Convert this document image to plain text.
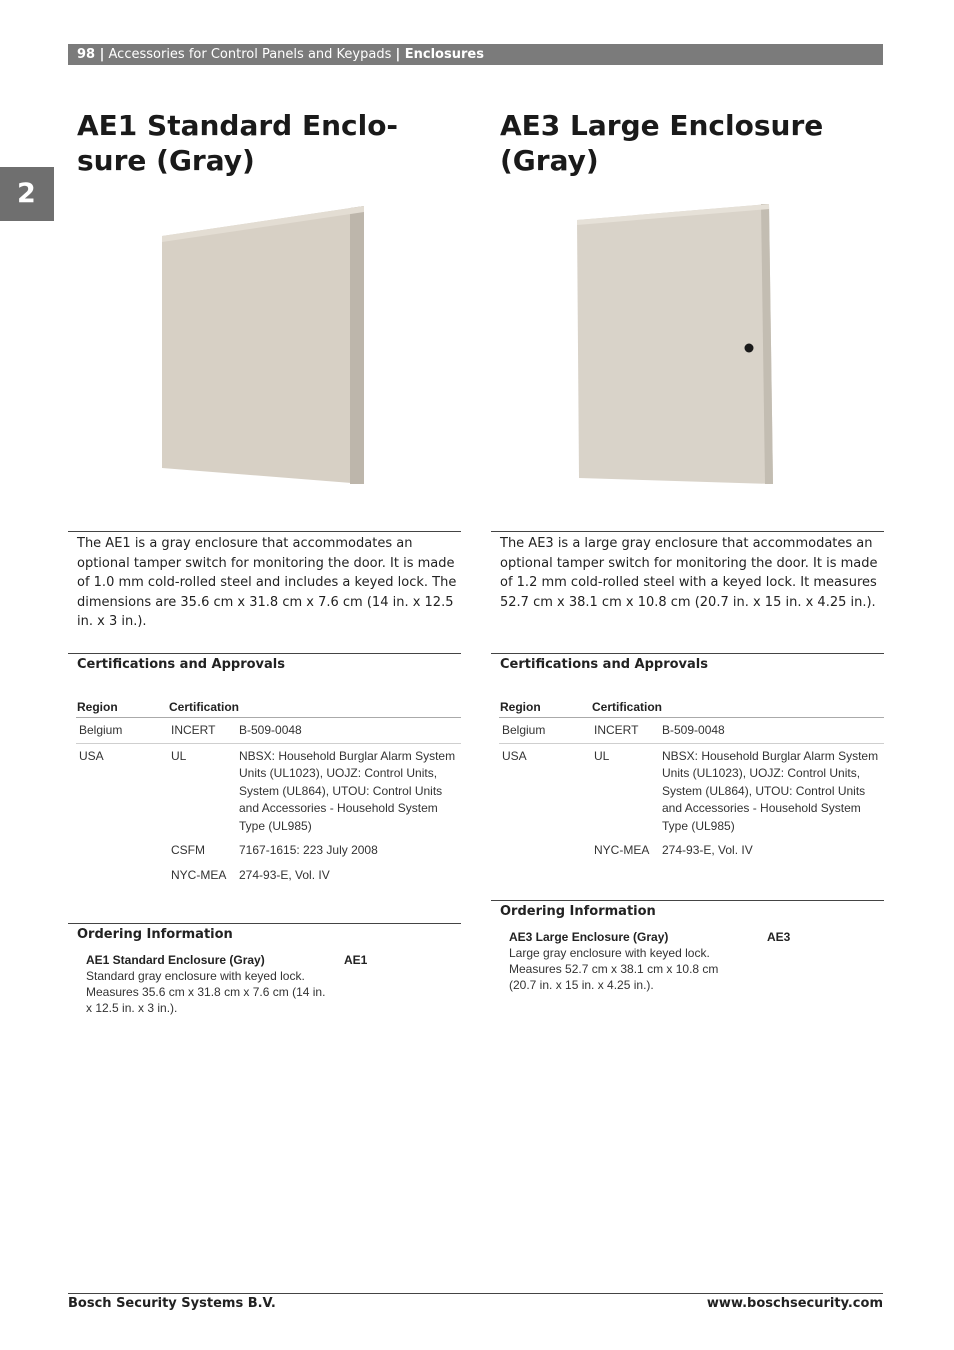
98 | Accessories for Control Panels and Keypads | Enclosures
2
AE1 Standard Enclo-
sure (Gray)
The AE1 is a gray enclosure that accommodates an optional tamper switch for monitoring the door. It is made of 1.0 mm cold-rolled steel and includes a keyed lock. The dimensions are 35.6 cm x 31.8 cm x 7.6 cm (14 in. x 12.5 in. x 3 in.).
Certifications and Approvals
Region	Certification	
Belgium	INCERT	B-509-0048
USA	UL	NBSX: Household Burglar Alarm System Units (UL1023), UOJZ: Control Units, System (UL864), UTOU: Control Units and Accessories - Household System Type (UL985)
	CSFM	7167-1615: 223 July 2008
	NYC-MEA	274-93-E, Vol. IV
Ordering Information
AE1 Standard Enclosure (Gray)	AE1
Standard gray enclosure with keyed lock. Measures 35.6 cm x 31.8 cm x 7.6 cm (14 in. x 12.5 in. x 3 in.).
AE3 Large Enclosure
(Gray)
The AE3 is a large gray enclosure that accommodates an optional tamper switch for monitoring the door. It is made of 1.2 mm cold-rolled steel with a keyed lock. It measures 52.7 cm x 38.1 cm x 10.8 cm (20.7 in. x 15 in. x 4.25 in.).
Certifications and Approvals
Region	Certification	
Belgium	INCERT	B-509-0048
USA	UL	NBSX: Household Burglar Alarm System Units (UL1023), UOJZ: Control Units, System (UL864), UTOU: Control Units and Accessories - Household System Type (UL985)
	NYC-MEA	274-93-E, Vol. IV
Ordering Information
AE3 Large Enclosure (Gray)	AE3
Large gray enclosure with keyed lock. Measures 52.7 cm x 38.1 cm x 10.8 cm (20.7 in. x 15 in. x 4.25 in.).
Bosch Security Systems B.V.	www.boschsecurity.com
